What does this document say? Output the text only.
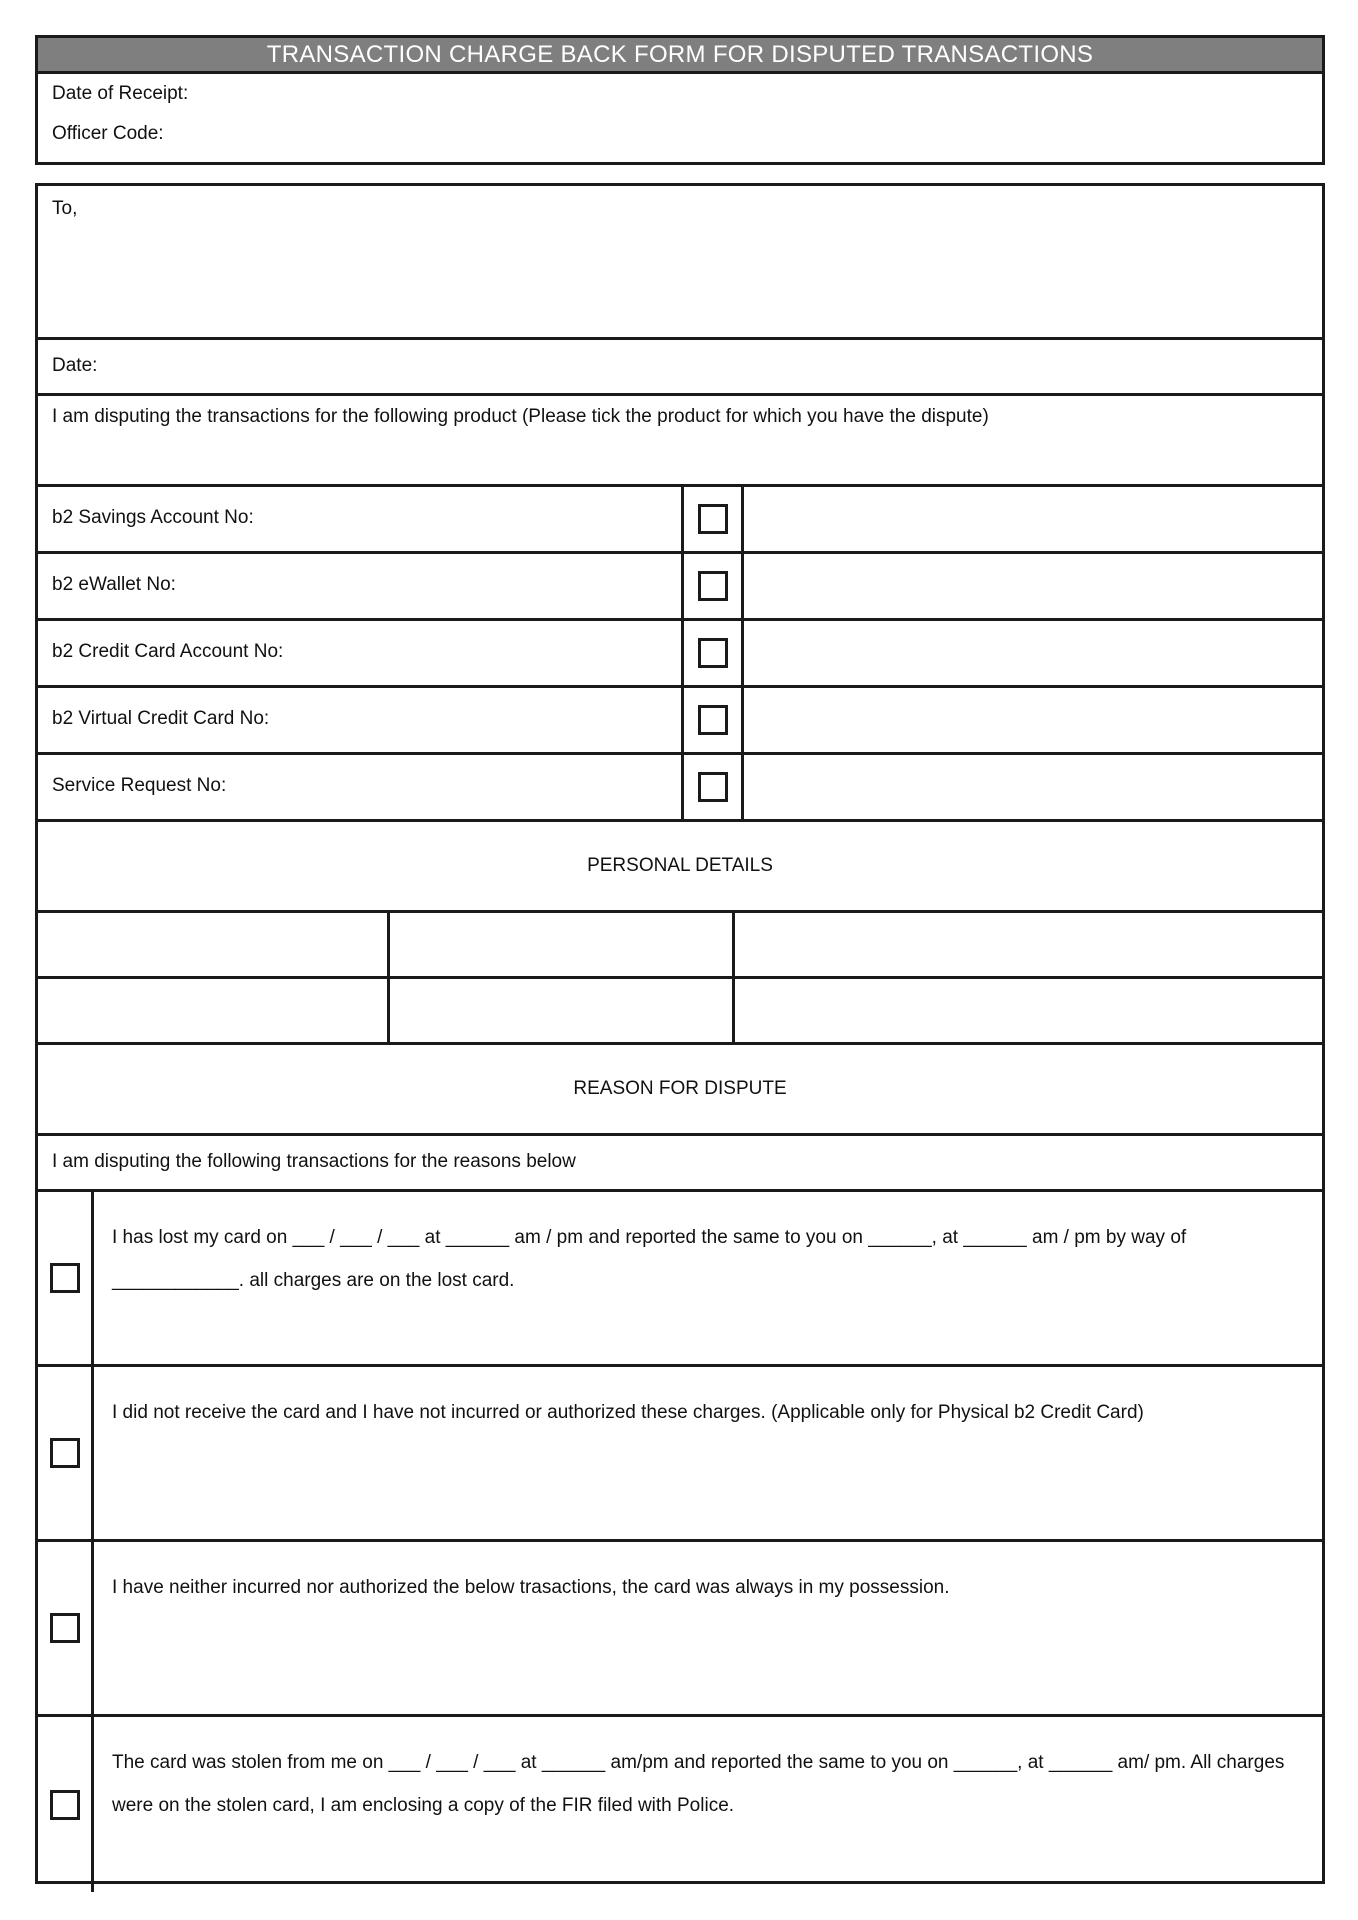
TRANSACTION CHARGE BACK FORM FOR DISPUTED TRANSACTIONS
Date of Receipt:
Officer Code:
To,
Date:
I am disputing the transactions for the following product (Please tick the product for which you have the dispute)
b2 Savings Account No:
b2 eWallet No:
b2 Credit Card Account No:
b2 Virtual Credit Card No:
Service Request No:
PERSONAL DETAILS
REASON FOR DISPUTE
I am disputing the following transactions for the reasons below
I has lost my card on ___ / ___ / ___ at ______ am / pm and reported the same to you on ______, at ______ am / pm by way of ____________. all charges are on the lost card.
I did not receive the card and I have not incurred or authorized these charges. (Applicable only for Physical b2 Credit Card)
I have neither incurred nor authorized the below trasactions, the card was always in my possession.
The card was stolen from me on ___ / ___ / ___ at ______ am/pm and reported the same to you on ______, at ______ am/ pm. All charges were on the stolen card, I am enclosing a copy of the FIR filed with Police.
